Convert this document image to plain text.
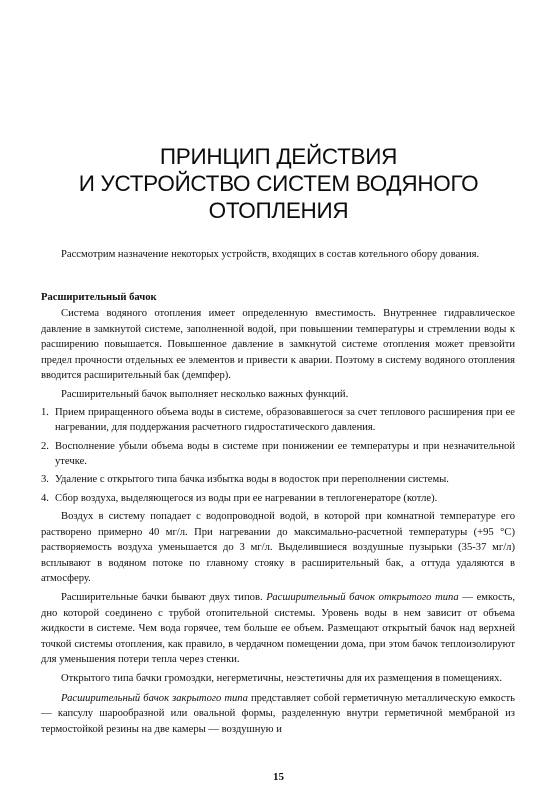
ПРИНЦИП ДЕЙСТВИЯ
И УСТРОЙСТВО СИСТЕМ ВОДЯНОГО
ОТОПЛЕНИЯ

Рассмотрим назначение некоторых устройств, входящих в состав котельного обору дования.

Расширительный бачок

Система водяного отопления имеет определенную вместимость. Внутреннее гидравлическое давление в замкнутой системе, заполненной водой, при повышении температуры и стремлении воды к расширению повышается. Повышенное давление в замкнутой системе отопления может превзойти предел прочности отдельных ее элементов и привести к аварии. Поэтому в систему водяного отопления вводится расширительный бак (демпфер).

Расширительный бачок выполняет несколько важных функций.

1. Прием приращенного объема воды в системе, образовавшегося за счет теплового расширения при ее нагревании, для поддержания расчетного гидростатического давления.
2. Восполнение убыли объема воды в системе при понижении ее температуры и при незначительной утечке.
3. Удаление с открытого типа бачка избытка воды в водосток при переполнении системы.
4. Сбор воздуха, выделяющегося из воды при ее нагревании в теплогенераторе (котле).

Воздух в систему попадает с водопроводной водой, в которой при комнатной температуре его растворено примерно 40 мг/л. При нагревании до максимально-расчетной температуры (+95 °С) растворяемость воздуха уменьшается до 3 мг/л. Выделившиеся воздушные пузырьки (35-37 мг/л) всплывают в водяном потоке по главному стояку в расширительный бак, а оттуда удаляются в атмосферу.

Расширительные бачки бывают двух типов. Расширительный бачок открытого типа — емкость, дно которой соединено с трубой отопительной системы. Уровень воды в нем зависит от объема жидкости в системе. Чем вода горячее, тем больше ее объем. Размещают открытый бачок над верхней точкой системы отопления, как правило, в чердачном помещении дома, при этом бачок теплоизолируют для уменьшения потери тепла через стенки.

Открытого типа бачки громоздки, негерметичны, неэстетичны для их размещения в помещениях.

Расширительный бачок закрытого типа представляет собой герметичную металлическую емкость — капсулу шарообразной или овальной формы, разделенную внутри герметичной мембраной из термостойкой резины на две камеры — воздушную и

15
